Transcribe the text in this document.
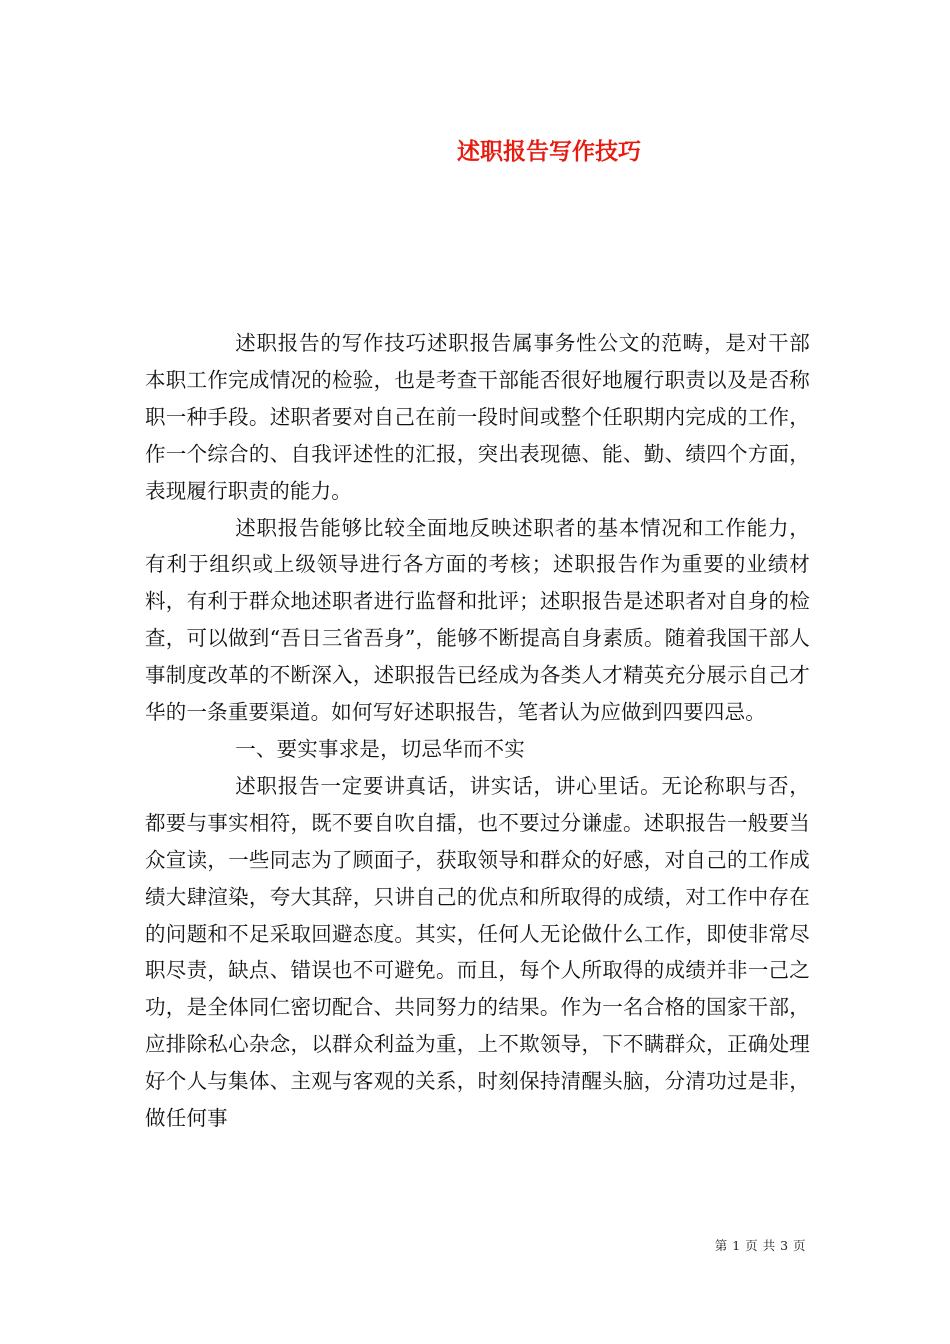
述职报告写作技巧

述职报告的写作技巧述职报告属事务性公文的范畴，是对干部本职工作完成情况的检验，也是考查干部能否很好地履行职责以及是否称职一种手段。述职者要对自己在前一段时间或整个任职期内完成的工作，作一个综合的、自我评述性的汇报，突出表现德、能、勤、绩四个方面，表现履行职责的能力。

述职报告能够比较全面地反映述职者的基本情况和工作能力，有利于组织或上级领导进行各方面的考核；述职报告作为重要的业绩材料，有利于群众地述职者进行监督和批评；述职报告是述职者对自身的检查，可以做到“吾日三省吾身”，能够不断提高自身素质。随着我国干部人事制度改革的不断深入，述职报告已经成为各类人才精英充分展示自己才华的一条重要渠道。如何写好述职报告，笔者认为应做到四要四忌。

一、要实事求是，切忌华而不实

述职报告一定要讲真话，讲实话，讲心里话。无论称职与否，都要与事实相符，既不要自吹自擂，也不要过分谦虚。述职报告一般要当众宣读，一些同志为了顾面子，获取领导和群众的好感，对自己的工作成绩大肆渲染，夸大其辞，只讲自己的优点和所取得的成绩，对工作中存在的问题和不足采取回避态度。其实，任何人无论做什么工作，即使非常尽职尽责，缺点、错误也不可避免。而且，每个人所取得的成绩并非一己之功，是全体同仁密切配合、共同努力的结果。作为一名合格的国家干部，应排除私心杂念，以群众利益为重，上不欺领导，下不瞒群众，正确处理好个人与集体、主观与客观的关系，时刻保持清醒头脑，分清功过是非，做任何事

第 1 页 共 3 页
